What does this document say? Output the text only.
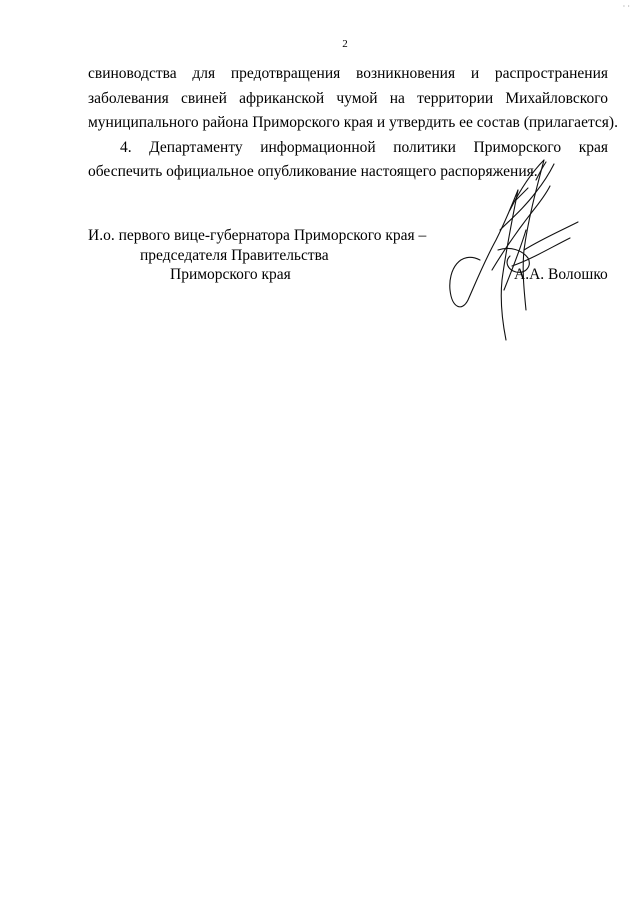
· ·
2
свиноводства для предотвращения возникновения и распространения
заболевания свиней африканской чумой на территории Михайловского
муниципального района Приморского края и утвердить ее состав (прилагается).
4. Департаменту информационной политики Приморского края
обеспечить официальное опубликование настоящего распоряжения.
И.о. первого вице-губернатора Приморского края –
председателя Правительства
Приморского края	А.А. Волошко
